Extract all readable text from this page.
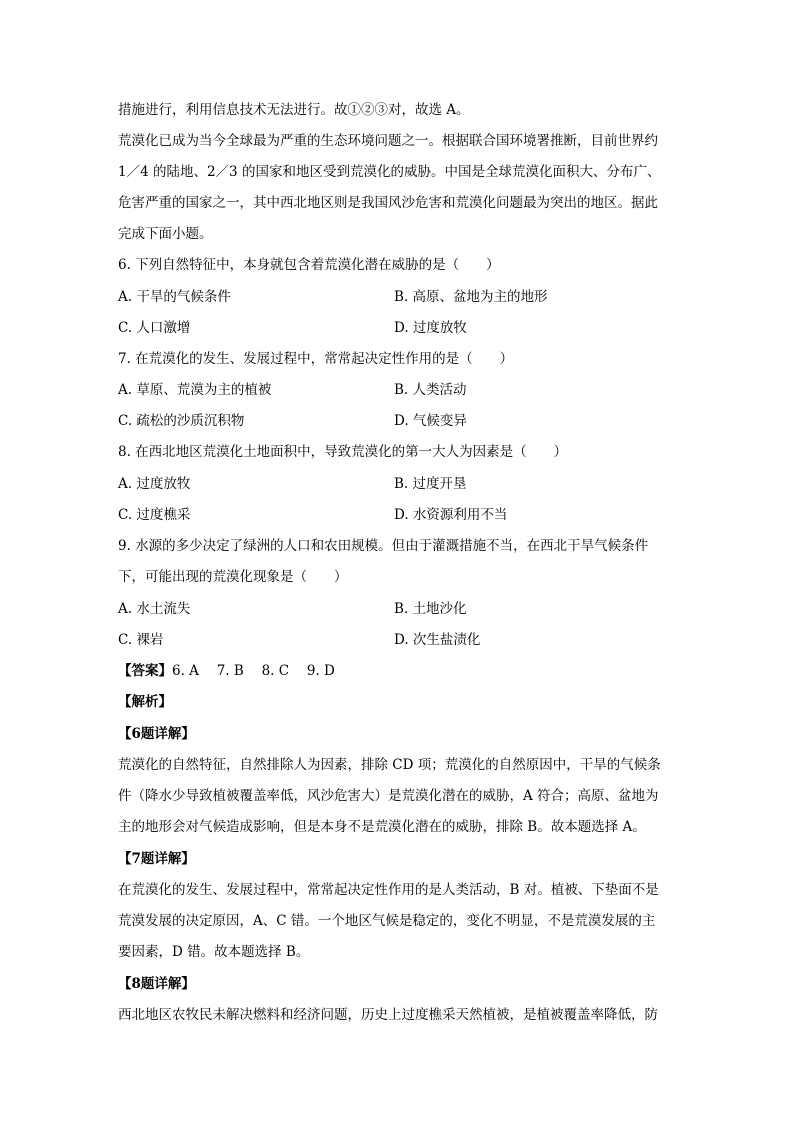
措施进行，利用信息技术无法进行。故①②③对，故选 A。
荒漠化已成为当今全球最为严重的生态环境问题之一。根据联合国环境署推断，目前世界约
1／4 的陆地、2／3 的国家和地区受到荒漠化的威胁。中国是全球荒漠化面积大、分布广、
危害严重的国家之一，其中西北地区则是我国风沙危害和荒漠化问题最为突出的地区。据此
完成下面小题。
6. 下列自然特征中，本身就包含着荒漠化潜在威胁的是（　　）
A. 干旱的气候条件	B. 高原、盆地为主的地形
C. 人口激增	D. 过度放牧
7. 在荒漠化的发生、发展过程中，常常起决定性作用的是（　　）
A. 草原、荒漠为主的植被	B. 人类活动
C. 疏松的沙质沉积物	D. 气候变异
8. 在西北地区荒漠化土地面积中，导致荒漠化的第一大人为因素是（　　）
A. 过度放牧	B. 过度开垦
C. 过度樵采	D. 水资源利用不当
9. 水源的多少决定了绿洲的人口和农田规模。但由于灌溉措施不当，在西北干旱气候条件
下，可能出现的荒漠化现象是（　　）
A. 水土流失	B. 土地沙化
C. 裸岩	D. 次生盐渍化
【答案】6. A　 7. B　 8. C　 9. D
【解析】
【6题详解】
荒漠化的自然特征，自然排除人为因素，排除 CD 项；荒漠化的自然原因中，干旱的气候条
件（降水少导致植被覆盖率低，风沙危害大）是荒漠化潜在的威胁，A 符合；高原、盆地为
主的地形会对气候造成影响，但是本身不是荒漠化潜在的威胁，排除 B。故本题选择 A。
【7题详解】
在荒漠化的发生、发展过程中，常常起决定性作用的是人类活动，B 对。植被、下垫面不是
荒漠发展的决定原因，A、C 错。一个地区气候是稳定的，变化不明显，不是荒漠发展的主
要因素，D 错。故本题选择 B。
【8题详解】
西北地区农牧民未解决燃料和经济问题，历史上过度樵采天然植被，是植被覆盖率降低，防
